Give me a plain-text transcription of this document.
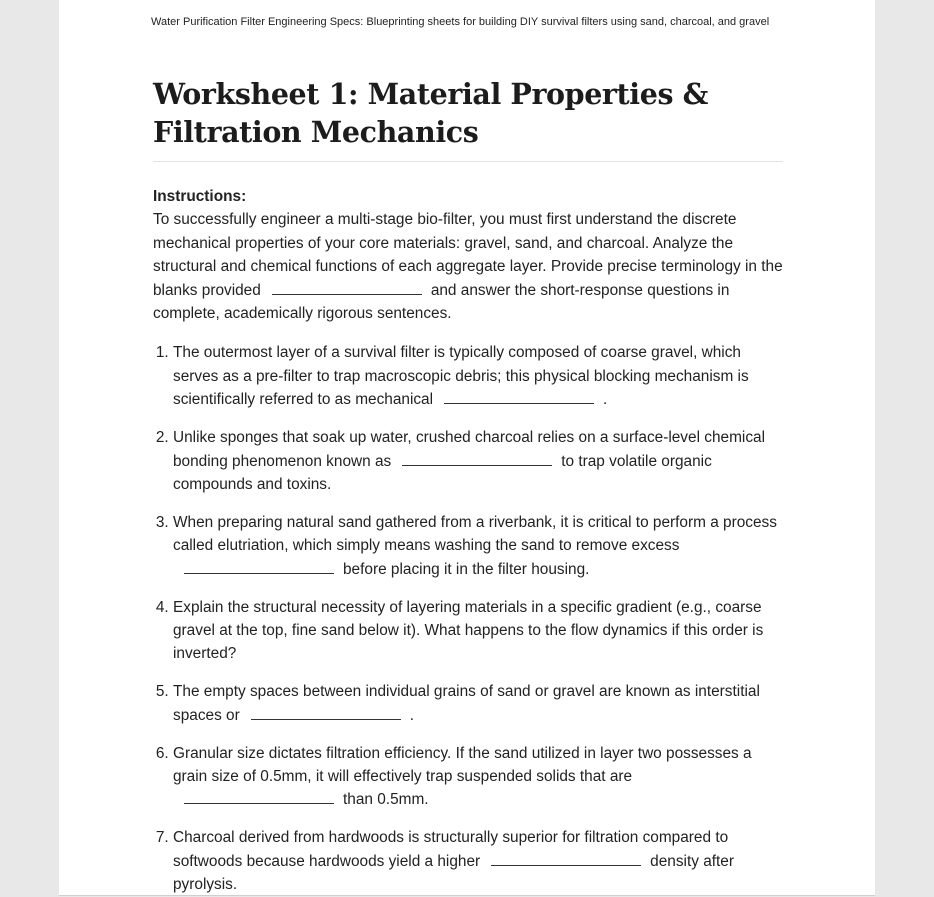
Water Purification Filter Engineering Specs: Blueprinting sheets for building DIY survival filters using sand, charcoal, and gravel
Worksheet 1: Material Properties & Filtration Mechanics
Instructions:
To successfully engineer a multi-stage bio-filter, you must first understand the discrete mechanical properties of your core materials: gravel, sand, and charcoal. Analyze the structural and chemical functions of each aggregate layer. Provide precise terminology in the blanks provided	and answer the short-response questions in complete, academically rigorous sentences.
1. The outermost layer of a survival filter is typically composed of coarse gravel, which serves as a pre-filter to trap macroscopic debris; this physical blocking mechanism is scientifically referred to as mechanical	.
2. Unlike sponges that soak up water, crushed charcoal relies on a surface-level chemical bonding phenomenon known as	to trap volatile organic compounds and toxins.
3. When preparing natural sand gathered from a riverbank, it is critical to perform a process called elutriation, which simply means washing the sand to remove excessbefore placing it in the filter housing.
4. Explain the structural necessity of layering materials in a specific gradient (e.g., coarse gravel at the top, fine sand below it). What happens to the flow dynamics if this order is inverted?
5. The empty spaces between individual grains of sand or gravel are known as interstitial spaces or	.
6. Granular size dictates filtration efficiency. If the sand utilized in layer two possesses a grain size of 0.5mm, it will effectively trap suspended solids that arethan 0.5mm.
7. Charcoal derived from hardwoods is structurally superior for filtration compared to softwoods because hardwoods yield a higher	density after pyrolysis.
